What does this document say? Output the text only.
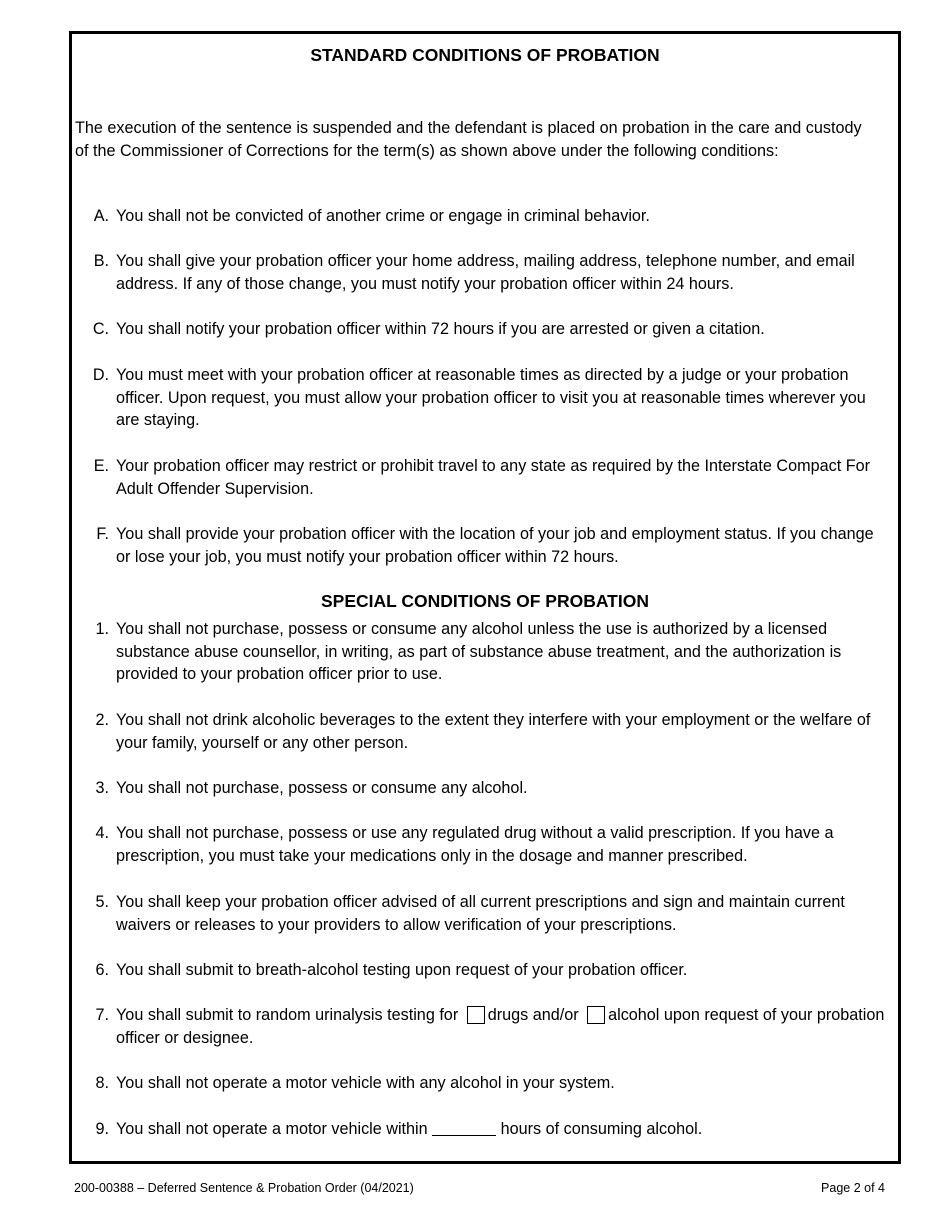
STANDARD CONDITIONS OF PROBATION

The execution of the sentence is suspended and the defendant is placed on probation in the care and custody of the Commissioner of Corrections for the term(s) as shown above under the following conditions:

A. You shall not be convicted of another crime or engage in criminal behavior.
B. You shall give your probation officer your home address, mailing address, telephone number, and email address. If any of those change, you must notify your probation officer within 24 hours.
C. You shall notify your probation officer within 72 hours if you are arrested or given a citation.
D. You must meet with your probation officer at reasonable times as directed by a judge or your probation officer. Upon request, you must allow your probation officer to visit you at reasonable times wherever you are staying.
E. Your probation officer may restrict or prohibit travel to any state as required by the Interstate Compact For Adult Offender Supervision.
F. You shall provide your probation officer with the location of your job and employment status. If you change or lose your job, you must notify your probation officer within 72 hours.
SPECIAL CONDITIONS OF PROBATION
1. You shall not purchase, possess or consume any alcohol unless the use is authorized by a licensed substance abuse counsellor, in writing, as part of substance abuse treatment, and the authorization is provided to your probation officer prior to use.
2. You shall not drink alcoholic beverages to the extent they interfere with your employment or the welfare of your family, yourself or any other person.
3. You shall not purchase, possess or consume any alcohol.
4. You shall not purchase, possess or use any regulated drug without a valid prescription. If you have a prescription, you must take your medications only in the dosage and manner prescribed.
5. You shall keep your probation officer advised of all current prescriptions and sign and maintain current waivers or releases to your providers to allow verification of your prescriptions.
6. You shall submit to breath-alcohol testing upon request of your probation officer.
7. You shall submit to random urinalysis testing for drugs and/or alcohol upon request of your probation officer or designee.
8. You shall not operate a motor vehicle with any alcohol in your system.
9. You shall not operate a motor vehicle within	hours of consuming alcohol.

200-00388 – Deferred Sentence & Probation Order (04/2021)	Page 2 of 4
